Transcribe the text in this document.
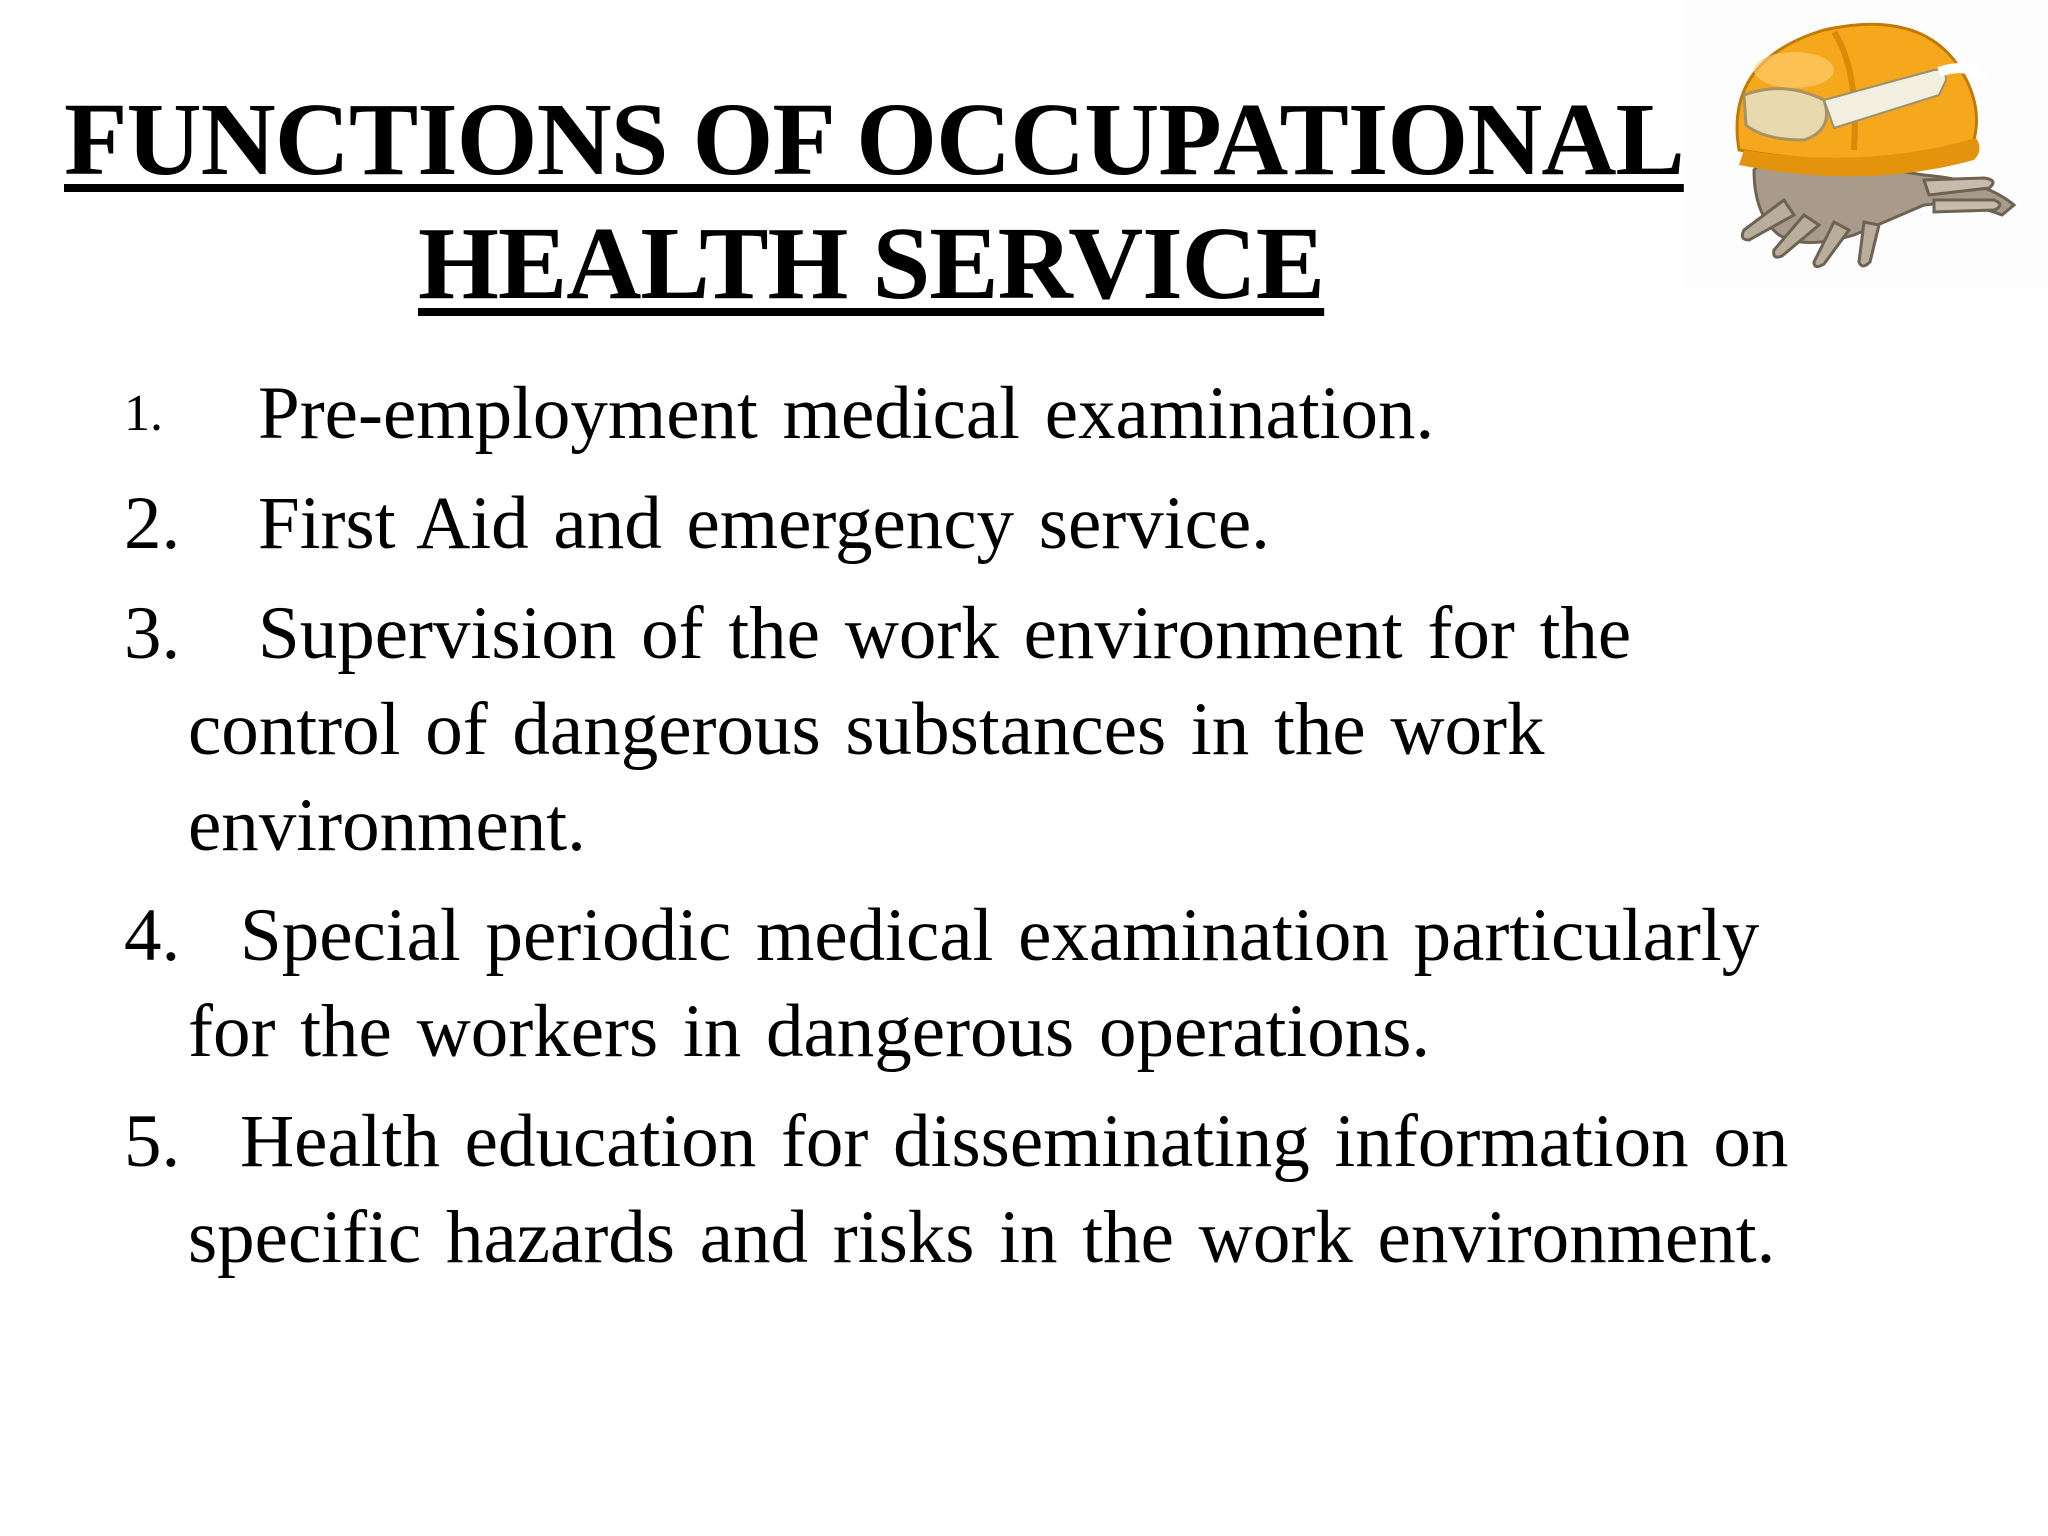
FUNCTIONS OF OCCUPATIONAL
HEALTH SERVICE
1. Pre-employment medical examination.
2. First Aid and emergency service.
3. Supervision of the work environment for the
control of dangerous substances in the work
environment.
4. Special periodic medical examination particularly
for the workers in dangerous operations.
5. Health education for disseminating information on
specific hazards and risks in the work environment.
